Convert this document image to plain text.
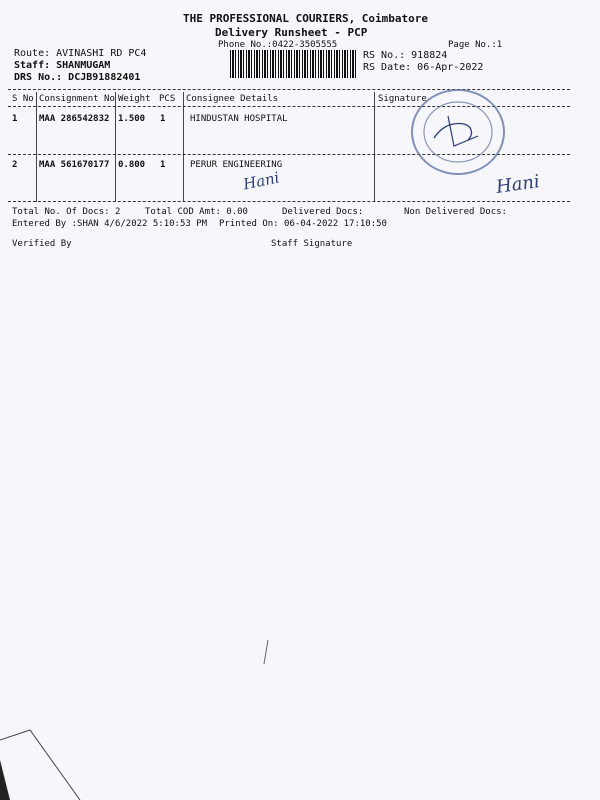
THE PROFESSIONAL COURIERS, Coimbatore
Delivery Runsheet - PCP
Phone No.:0422-3505555	Page No.:1
Route: AVINASHI RD PC4
Staff: SHANMUGAM
DRS No.: DCJB91882401
RS No.: 918824
RS Date: 06-Apr-2022
S No Consignment No Weight PCS Consignee Details	Signature
1 MAA 286542832 1.500 1	HINDUSTAN HOSPITAL
2 MAA 561670177 0.800 1	PERUR ENGINEERING
Hani	Hani
Total No. Of Docs: 2	Total COD Amt: 0.00	Delivered Docs:	Non Delivered Docs:
Entered By :SHAN 4/6/2022 5:10:53 PM Printed On: 06-04-2022 17:10:50
Verified By	Staff Signature
